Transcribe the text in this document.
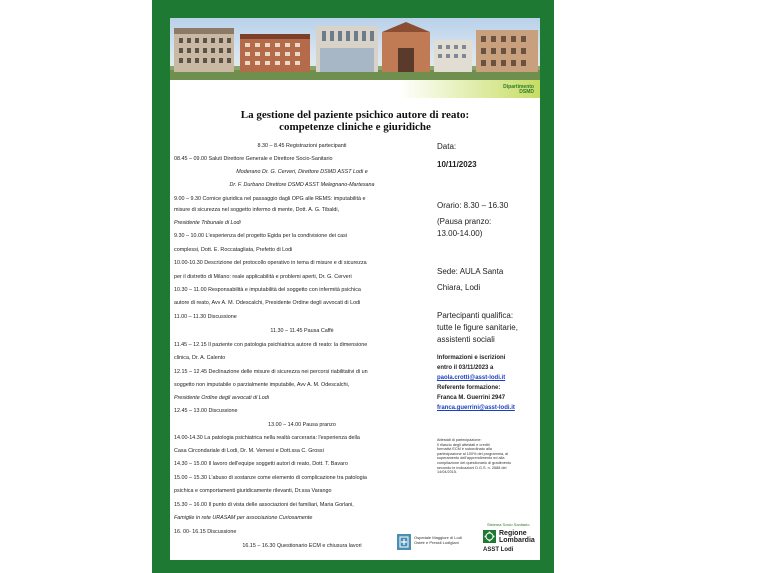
Dipartimento
DSMD
La gestione del paziente psichico autore di reato:
competenze cliniche e giuridiche
8.30 – 8.45 Registrazioni partecipanti
08.45 – 09.00 Saluti Direttore Generale e Direttore Socio-Sanitario
Moderano Dr. G. Cerveri, Direttore DSMD ASST Lodi e
Dr. F. Durbano Direttore DSMD ASST Melegnano-Martesana
9.00 – 9.30 Cornice giuridica nel passaggio dagli OPG alle REMS: imputabilità e
misure di sicurezza nel soggetto infermo di mente, Dott. A. G. Tibaldi,
Presidente Tribunale di Lodi
9.30 – 10.00 L'esperienza del progetto Egida per la condivisione dei casi
complessi, Dott. E. Roccatagliata, Prefetto di Lodi
10.00-10.30 Descrizione del protocollo operativo in tema di misure e di sicurezza
per il distretto di Milano: reale applicabilità e problemi aperti, Dr. G. Cerveri
10.30 – 11.00 Responsabilità e imputabilità del soggetto con infermità psichica
autore di reato, Avv A. M. Odescalchi, Presidente Ordine degli avvocati di Lodi
11.00 – 11.30 Discussione
11.30 – 11.45 Pausa Caffè
11.45 – 12.15 Il paziente con patologia psichiatrica autore di reato: la dimensione
clinica, Dr. A. Calento
12.15 – 12.45 Declinazione delle misure di sicurezza nei percorsi riabilitativi di un
soggetto non imputabile o parzialmente imputabile, Avv A. M. Odescalchi,
Presidente Ordine degli avvocati di Lodi
12.45 – 13.00 Discussione
13.00 – 14.00 Pausa pranzo
14.00-14.30 La patologia psichiatrica nella realtà carceraria: l'esperienza della
Casa Circondariale di Lodi, Dr. M. Vernesi e Dott.ssa C. Grossi
14.30 – 15.00 Il lavoro dell'equipe soggetti autori di reato, Dott. T. Bavaro
15.00 – 15.30 L'abuso di sostanze come elemento di complicazione tra patologia
psichica e comportamenti giuridicamente rilevanti, Dr.ssa Varango
15.30 – 16.00 Il punto di vista delle associazioni dei familiari, Maria Gorlani,
Famiglie in rete URASAM per associazione Curiosamente
16. 00- 16.15 Discussione
16.15 – 16.30 Questionario ECM e chiusura lavori
Data:
10/11/2023
Orario: 8.30 – 16.30
(Pausa pranzo:
13.00-14.00)
Sede: AULA Santa
Chiara, Lodi
Partecipanti qualifica:
tutte le figure sanitarie,
assistenti sociali
Informazioni e iscrizioni
entro il 03/11/2023 a
paola.crotti@asst-lodi.it
Referente formazione:
Franca M. Guerrini 2947
franca.guerrini@asst-lodi.it
Attestati di partecipazione:
Il rilascio degli attestati e crediti
formativi ECM è subordinato alla
partecipazione al 100% del programma, al
superamento dell'apprendimento ed alla
compilazione del questionario di gradimento
secondo le indicazioni D.G.S. n. 2688 del
14/04/2015.
Ospedale Maggiore di Lodi
Ostetr e Presidi Lodigiani
Sistema Socio Sanitario
Regione
Lombardia
ASST Lodi
